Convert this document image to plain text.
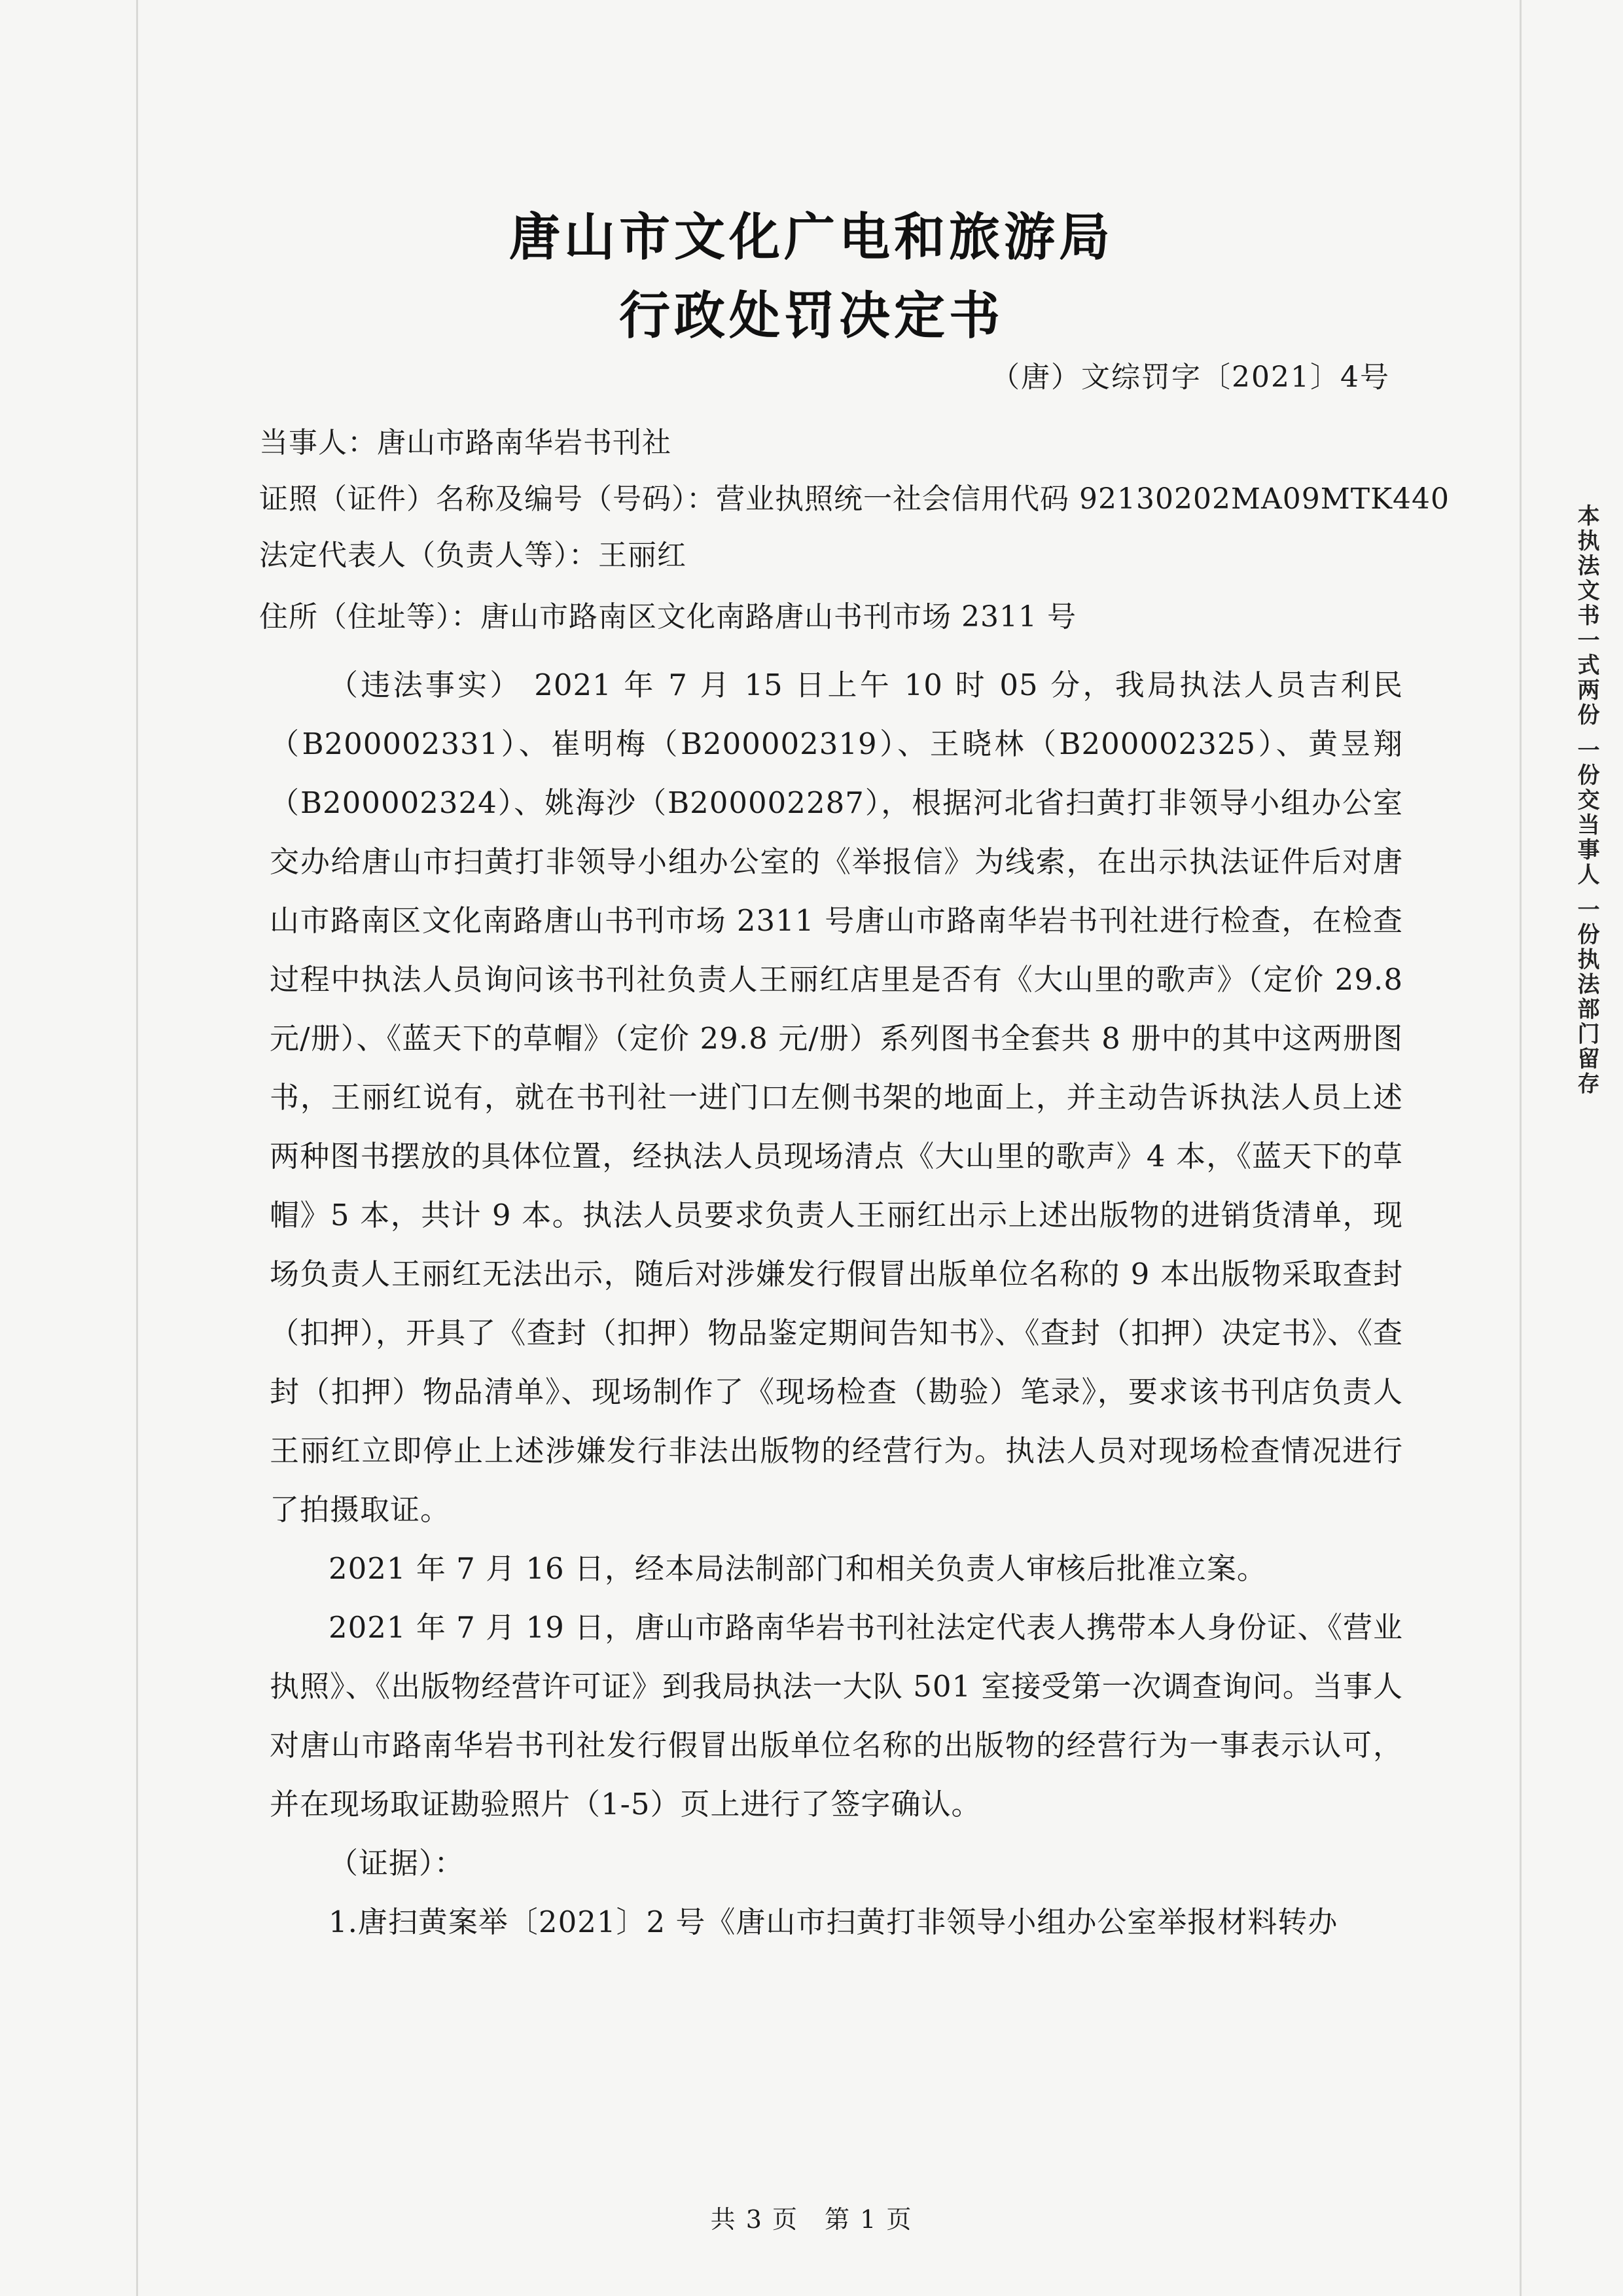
唐山市文化广电和旅游局
行政处罚决定书
（唐）文综罚字〔2021〕4号
当事人：唐山市路南华岩书刊社
证照（证件）名称及编号（号码）：营业执照统一社会信用代码 92130202MA09MTK440
法定代表人（负责人等）：王丽红
住所（住址等）：唐山市路南区文化南路唐山书刊市场 2311 号

（违法事实） 2021 年 7 月 15 日上午 10 时 05 分，我局执法人员吉利民（B200002331）、崔明梅（B200002319）、王晓林（B200002325）、黄昱翔（B200002324）、姚海沙（B200002287），根据河北省扫黄打非领导小组办公室交办给唐山市扫黄打非领导小组办公室的《举报信》为线索，在出示执法证件后对唐山市路南区文化南路唐山书刊市场 2311 号唐山市路南华岩书刊社进行检查，在检查过程中执法人员询问该书刊社负责人王丽红店里是否有《大山里的歌声》（定价 29.8 元/册）、《蓝天下的草帽》（定价 29.8 元/册）系列图书全套共 8 册中的其中这两册图书，王丽红说有，就在书刊社一进门口左侧书架的地面上，并主动告诉执法人员上述两种图书摆放的具体位置，经执法人员现场清点《大山里的歌声》4 本，《蓝天下的草帽》5 本，共计 9 本。执法人员要求负责人王丽红出示上述出版物的进销货清单，现场负责人王丽红无法出示，随后对涉嫌发行假冒出版单位名称的 9 本出版物采取查封（扣押），开具了《查封（扣押）物品鉴定期间告知书》、《查封（扣押）决定书》、《查封（扣押）物品清单》、现场制作了《现场检查（勘验）笔录》，要求该书刊店负责人王丽红立即停止上述涉嫌发行非法出版物的经营行为。执法人员对现场检查情况进行了拍摄取证。

2021 年 7 月 16 日，经本局法制部门和相关负责人审核后批准立案。

2021 年 7 月 19 日，唐山市路南华岩书刊社法定代表人携带本人身份证、《营业执照》、《出版物经营许可证》到我局执法一大队 501 室接受第一次调查询问。当事人对唐山市路南华岩书刊社发行假冒出版单位名称的出版物的经营行为一事表示认可，并在现场取证勘验照片（1-5）页上进行了签字确认。

（证据）：

1.唐扫黄案举〔2021〕2 号《唐山市扫黄打非领导小组办公室举报材料转办

本执法文书一式两份 一份交当事人 一份执法部门留存
共 3 页　第 1 页
